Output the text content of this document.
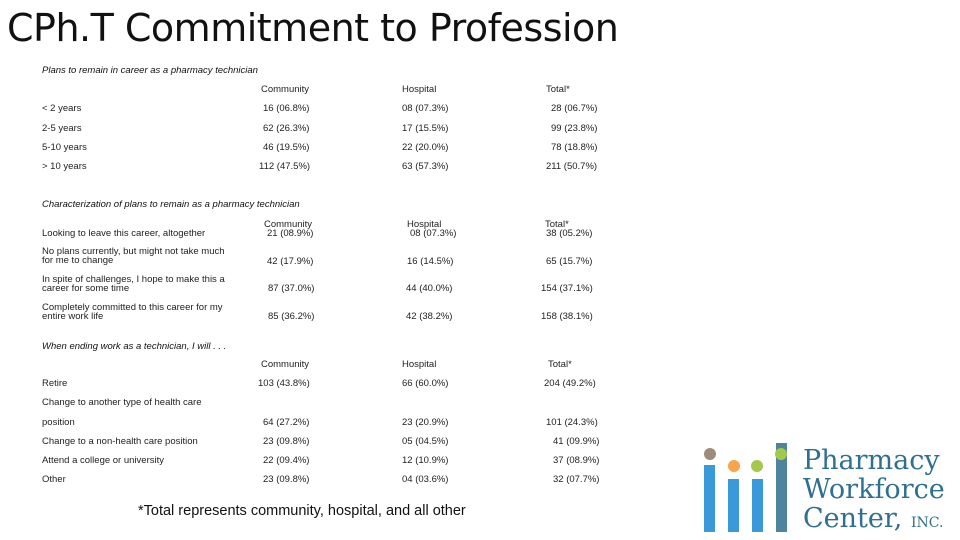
CPh.T Commitment to Profession
Plans to remain in career as a pharmacy technician
Community	Hospital	Total*
< 2 years	16 (06.8%)	08 (07.3%)	28 (06.7%)
2-5 years	62 (26.3%)	17 (15.5%)	99 (23.8%)
5-10 years	46 (19.5%)	22 (20.0%)	78 (18.8%)
> 10 years	112 (47.5%)	63 (57.3%)	211 (50.7%)
Characterization of plans to remain as a pharmacy technician
Community	Hospital	Total*
Looking to leave this career, altogether	21 (08.9%)	08 (07.3%)	38 (05.2%)
No plans currently, but might not take much for me to change	42 (17.9%)	16 (14.5%)	65 (15.7%)
In spite of challenges, I hope to make this a career for some time	87 (37.0%)	44 (40.0%)	154 (37.1%)
Completely committed to this career for my entire work life	85 (36.2%)	42 (38.2%)	158 (38.1%)
When ending work as a technician, I will . . .
Community	Hospital	Total*
Retire	103 (43.8%)	66 (60.0%)	204 (49.2%)
Change to another type of health care
position	64 (27.2%)	23 (20.9%)	101 (24.3%)
Change to a non-health care position	23 (09.8%)	05 (04.5%)	41 (09.9%)
Attend a college or university	22 (09.4%)	12 (10.9%)	37 (08.9%)
Other	23 (09.8%)	04 (03.6%)	32 (07.7%)
*Total represents community, hospital, and all other
Pharmacy
Workforce
Center, INC.
